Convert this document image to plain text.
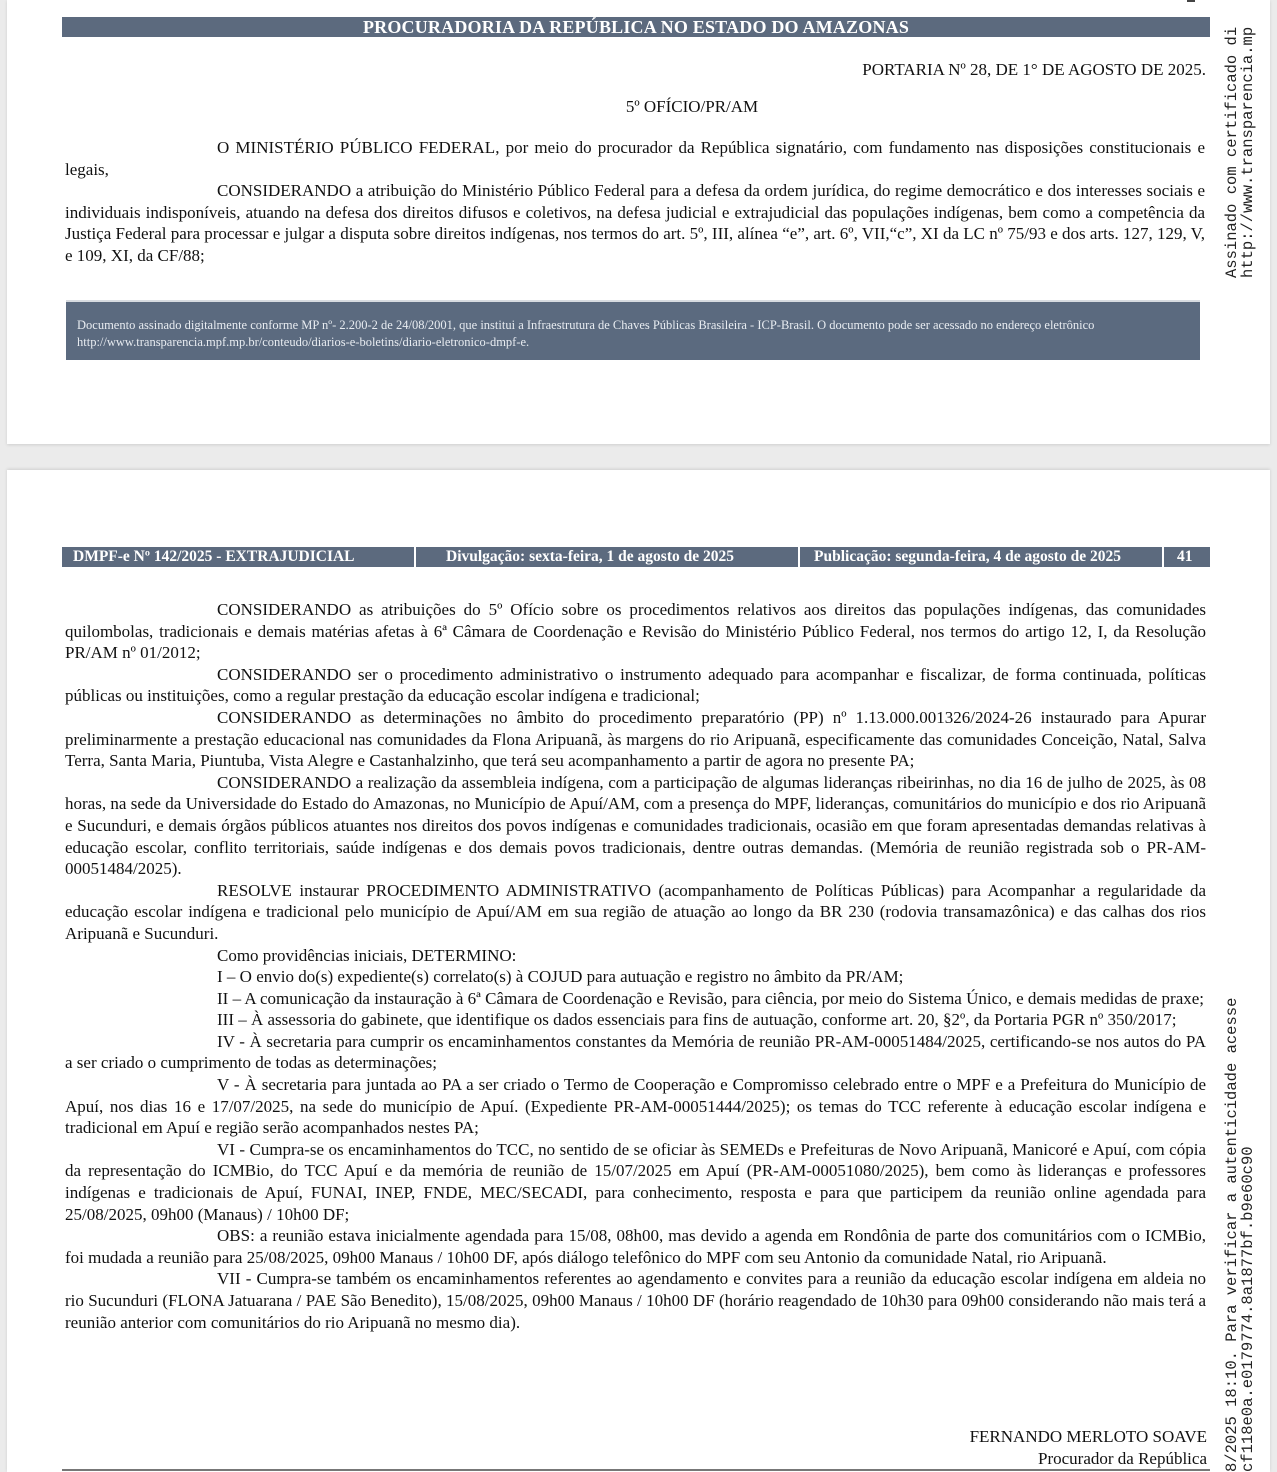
PROCURADORIA DA REPÚBLICA NO ESTADO DO AMAZONAS
PORTARIA Nº 28, DE 1° DE AGOSTO DE 2025.
5º OFÍCIO/PR/AM

O MINISTÉRIO PÚBLICO FEDERAL, por meio do procurador da República signatário, com fundamento nas disposições constitucionais e legais,

CONSIDERANDO a atribuição do Ministério Público Federal para a defesa da ordem jurídica, do regime democrático e dos interesses sociais e individuais indisponíveis, atuando na defesa dos direitos difusos e coletivos, na defesa judicial e extrajudicial das populações indígenas, bem como a competência da Justiça Federal para processar e julgar a disputa sobre direitos indígenas, nos termos do art. 5º, III, alínea “e”, art. 6º, VII,“c”, XI da LC nº 75/93 e dos arts. 127, 129, V, e 109, XI, da CF/88;

Documento assinado digitalmente conforme MP nº- 2.200-2 de 24/08/2001, que institui a Infraestrutura de Chaves Públicas Brasileira - ICP-Brasil. O documento pode ser acessado no endereço eletrônico http://www.transparencia.mpf.mp.br/conteudo/diarios-e-boletins/diario-eletronico-dmpf-e.
Assinado com certificado di
http://www.transparencia.mp
DMPF-e Nº 142/2025 - EXTRAJUDICIAL	Divulgação: sexta-feira, 1 de agosto de 2025	Publicação: segunda-feira, 4 de agosto de 2025	41

CONSIDERANDO as atribuições do 5º Ofício sobre os procedimentos relativos aos direitos das populações indígenas, das comunidades quilombolas, tradicionais e demais matérias afetas à 6ª Câmara de Coordenação e Revisão do Ministério Público Federal, nos termos do artigo 12, I, da Resolução PR/AM nº 01/2012;

CONSIDERANDO ser o procedimento administrativo o instrumento adequado para acompanhar e fiscalizar, de forma continuada, políticas públicas ou instituições, como a regular prestação da educação escolar indígena e tradicional;

CONSIDERANDO as determinações no âmbito do procedimento preparatório (PP) nº 1.13.000.001326/2024-26 instaurado para Apurar preliminarmente a prestação educacional nas comunidades da Flona Aripuanã, às margens do rio Aripuanã, especificamente das comunidades Conceição, Natal, Salva Terra, Santa Maria, Piuntuba, Vista Alegre e Castanhalzinho, que terá seu acompanhamento a partir de agora no presente PA;

CONSIDERANDO a realização da assembleia indígena, com a participação de algumas lideranças ribeirinhas, no dia 16 de julho de 2025, às 08 horas, na sede da Universidade do Estado do Amazonas, no Município de Apuí/AM, com a presença do MPF, lideranças, comunitários do município e dos rio Aripuanã e Sucunduri, e demais órgãos públicos atuantes nos direitos dos povos indígenas e comunidades tradicionais, ocasião em que foram apresentadas demandas relativas à educação escolar, conflito territoriais, saúde indígenas e dos demais povos tradicionais, dentre outras demandas. (Memória de reunião registrada sob o PR-AM-00051484/2025).

RESOLVE instaurar PROCEDIMENTO ADMINISTRATIVO (acompanhamento de Políticas Públicas) para Acompanhar a regularidade da educação escolar indígena e tradicional pelo município de Apuí/AM em sua região de atuação ao longo da BR 230 (rodovia transamazônica) e das calhas dos rios Aripuanã e Sucunduri.

Como providências iniciais, DETERMINO:

I – O envio do(s) expediente(s) correlato(s) à COJUD para autuação e registro no âmbito da PR/AM;

II – A comunicação da instauração à 6ª Câmara de Coordenação e Revisão, para ciência, por meio do Sistema Único, e demais medidas de praxe;

III – À assessoria do gabinete, que identifique os dados essenciais para fins de autuação, conforme art. 20, §2º, da Portaria PGR nº 350/2017;

IV - À secretaria para cumprir os encaminhamentos constantes da Memória de reunião PR-AM-00051484/2025, certificando-se nos autos do PA a ser criado o cumprimento de todas as determinações;

V - À secretaria para juntada ao PA a ser criado o Termo de Cooperação e Compromisso celebrado entre o MPF e a Prefeitura do Município de Apuí, nos dias 16 e 17/07/2025, na sede do município de Apuí. (Expediente PR-AM-00051444/2025); os temas do TCC referente à educação escolar indígena e tradicional em Apuí e região serão acompanhados nestes PA;

VI - Cumpra-se os encaminhamentos do TCC, no sentido de se oficiar às SEMEDs e Prefeituras de Novo Aripuanã, Manicoré e Apuí, com cópia da representação do ICMBio, do TCC Apuí e da memória de reunião de 15/07/2025 em Apuí (PR-AM-00051080/2025), bem como às lideranças e professores indígenas e tradicionais de Apuí, FUNAI, INEP, FNDE, MEC/SECADI, para conhecimento, resposta e para que participem da reunião online agendada para 25/08/2025, 09h00 (Manaus) / 10h00 DF;

OBS: a reunião estava inicialmente agendada para 15/08, 08h00, mas devido a agenda em Rondônia de parte dos comunitários com o ICMBio, foi mudada a reunião para 25/08/2025, 09h00 Manaus / 10h00 DF, após diálogo telefônico do MPF com seu Antonio da comunidade Natal, rio Aripuanã.

VII - Cumpra-se também os encaminhamentos referentes ao agendamento e convites para a reunião da educação escolar indígena em aldeia no rio Sucunduri (FLONA Jatuarana / PAE São Benedito), 15/08/2025, 09h00 Manaus / 10h00 DF (horário reagendado de 10h30 para 09h00 considerando não mais terá a reunião anterior com comunitários do rio Aripuanã no mesmo dia).

FERNANDO MERLOTO SOAVE
Procurador da República 8/2025 18:10. Para verificar a autenticidade acesse
cf118e0a.e0179774.8a1877bf.b9e60c90
